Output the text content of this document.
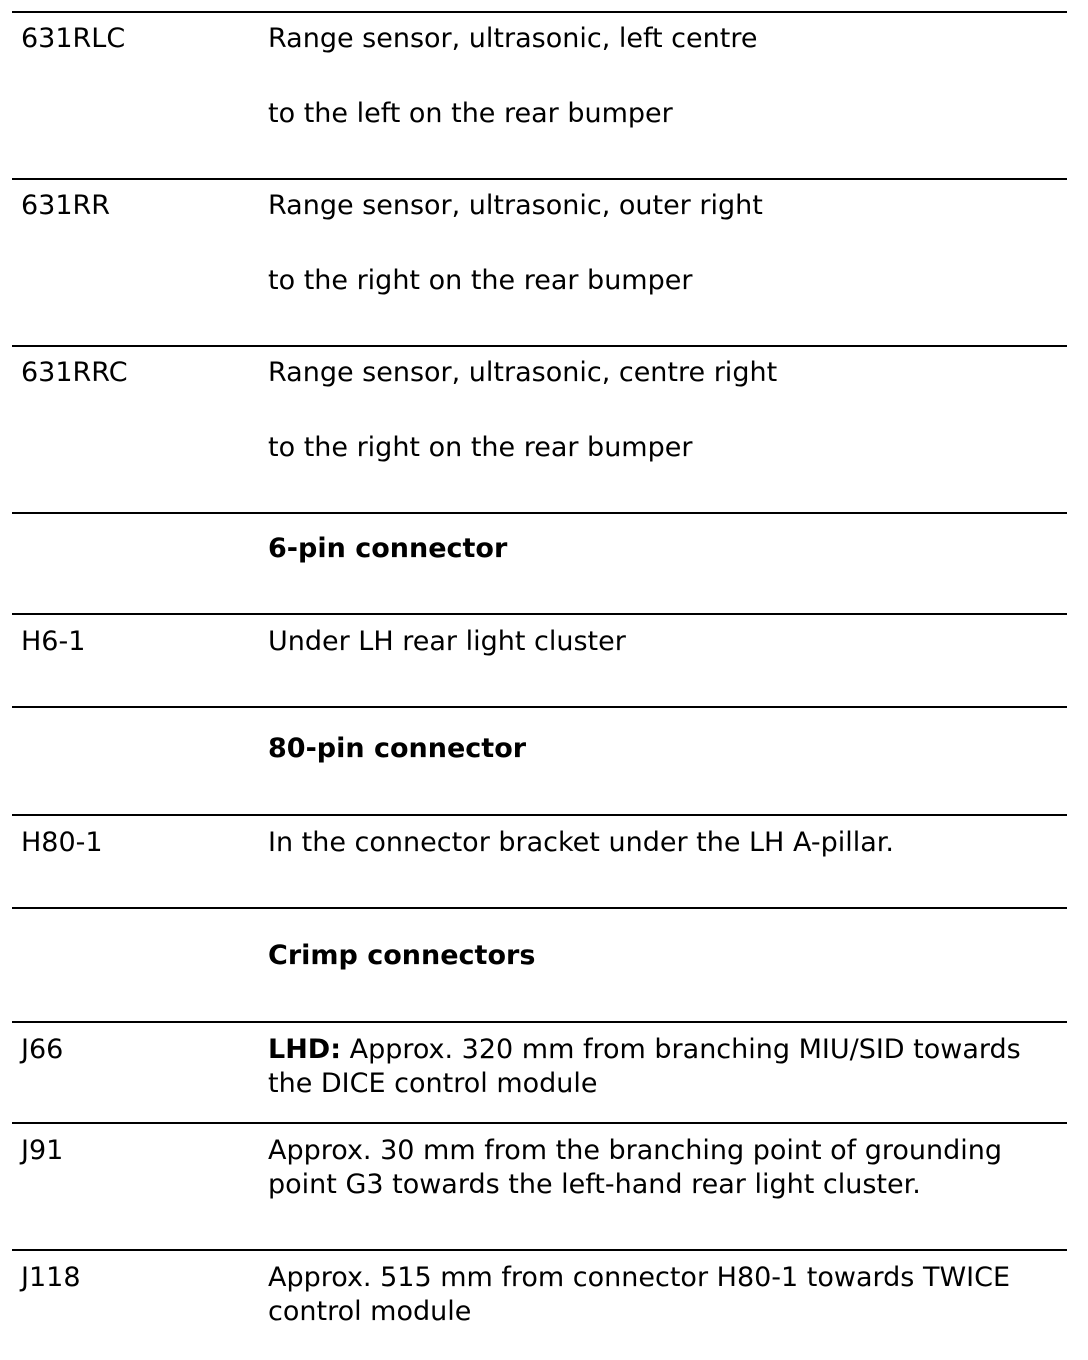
631RLC	Range sensor, ultrasonic, left centre
to the left on the rear bumper
631RR	Range sensor, ultrasonic, outer right
to the right on the rear bumper
631RRC	Range sensor, ultrasonic, centre right
to the right on the rear bumper
6-pin connector
H6-1	Under LH rear light cluster
80-pin connector
H80-1	In the connector bracket under the LH A-pillar.
Crimp connectors
J66	LHD: Approx. 320 mm from branching MIU/SID towards the DICE control module
J91	Approx. 30 mm from the branching point of grounding point G3 towards the left-hand rear light cluster.
J118	Approx. 515 mm from connector H80-1 towards TWICE control module
